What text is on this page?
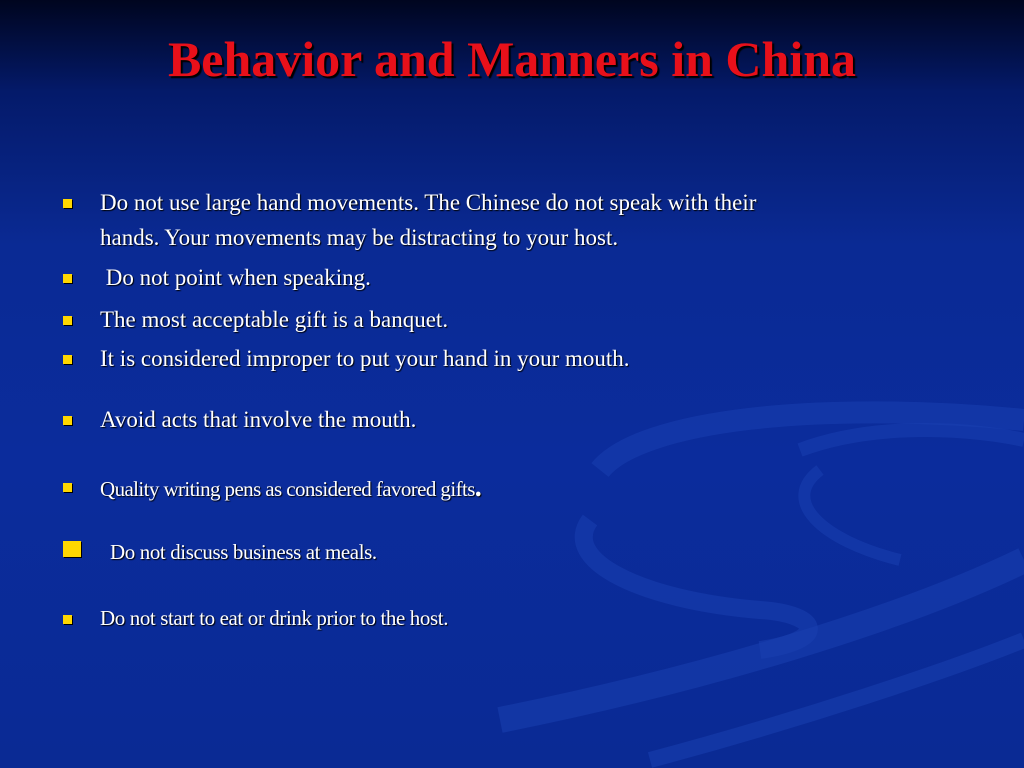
Behavior and Manners in China
Do not use large hand movements. The Chinese do not speak with their
hands. Your movements may be distracting to your host.
Do not point when speaking.
The most acceptable gift is a banquet.
It is considered improper to put your hand in your mouth.
Avoid acts that involve the mouth.
Quality writing pens as considered favored gifts.
Do not discuss business at meals.
Do not start to eat or drink prior to the host.
